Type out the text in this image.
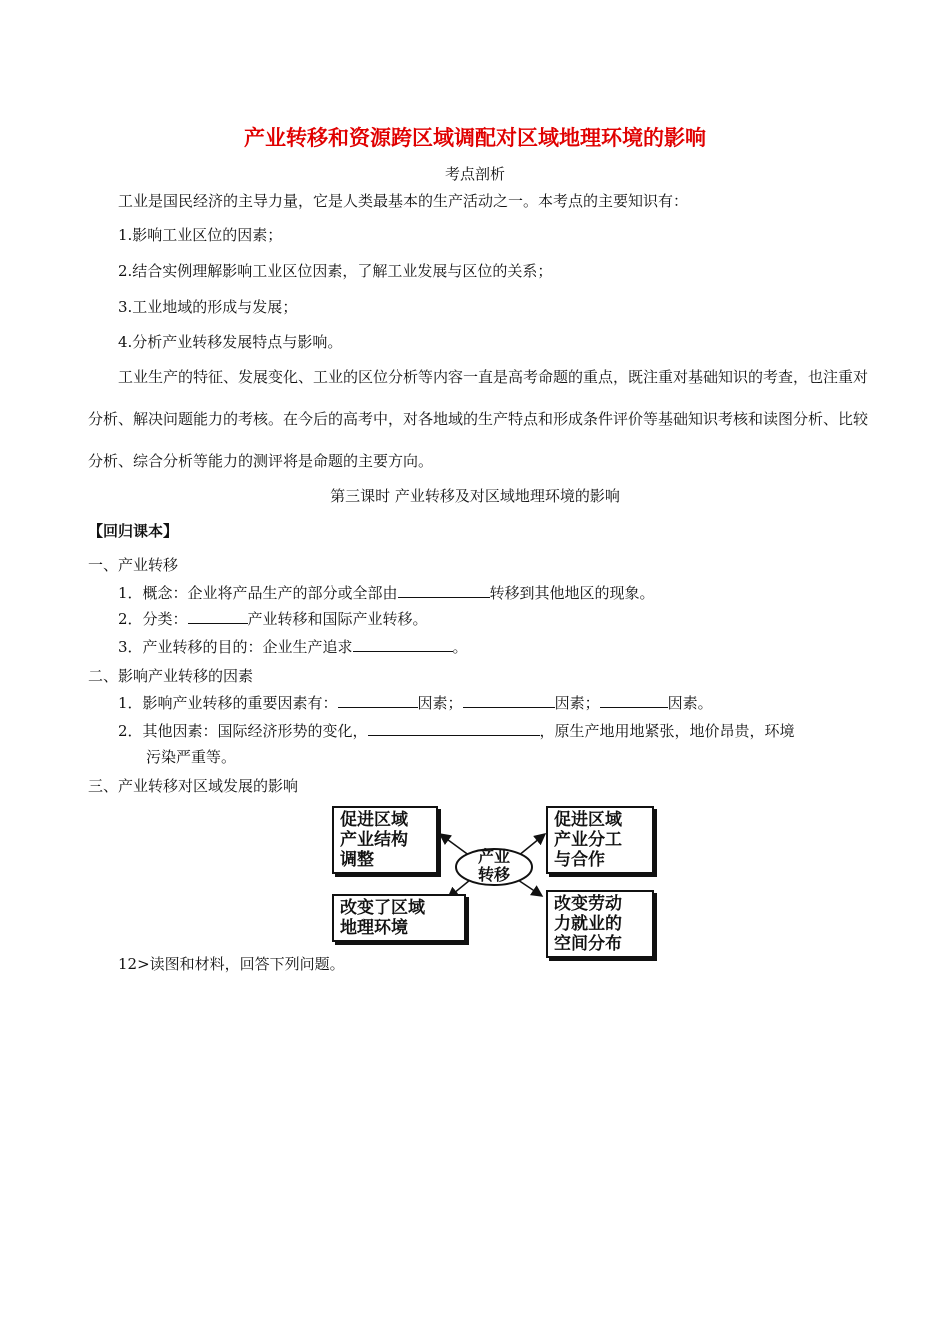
产业转移和资源跨区域调配对区域地理环境的影响
考点剖析
工业是国民经济的主导力量，它是人类最基本的生产活动之一。本考点的主要知识有：
1.影响工业区位的因素；
2.结合实例理解影响工业区位因素，了解工业发展与区位的关系；
3.工业地域的形成与发展；
4.分析产业转移发展特点与影响。
工业生产的特征、发展变化、工业的区位分析等内容一直是高考命题的重点，既注重对基础知识的考查，也注重对分析、解决问题能力的考核。在今后的高考中，对各地域的生产特点和形成条件评价等基础知识考核和读图分析、比较分析、综合分析等能力的测评将是命题的主要方向。
第三课时 产业转移及对区域地理环境的影响
【回归课本】
一、产业转移
1．概念：企业将产品生产的部分或全部由	转移到其他地区的现象。
2．分类：	产业转移和国际产业转移。
3．产业转移的目的：企业生产追求	。
二、影响产业转移的因素
1．影响产业转移的重要因素有：	因素；	因素；	因素。
2．其他因素：国际经济形势的变化，	，原生产地用地紧张，地价昂贵，环境
污染严重等。
三、产业转移对区域发展的影响
产业
转移
促进区域
产业结构
调整
促进区域
产业分工
与合作
改变了区域
地理环境
改变劳动
力就业的
空间分布
12>读图和材料，回答下列问题。
